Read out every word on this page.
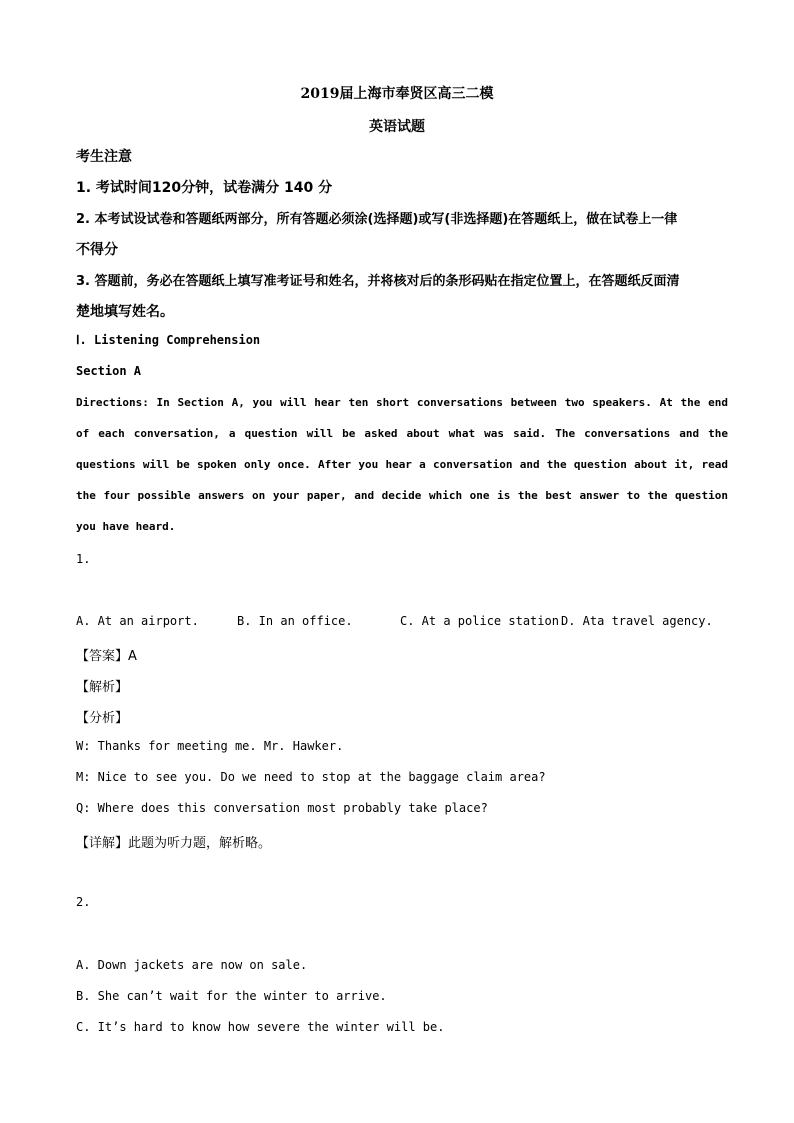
2019届上海市奉贤区高三二模
英语试题
考生注意
1. 考试时间120分钟，试卷满分 140 分
2. 本考试设试卷和答题纸两部分，所有答题必须涂(选择题)或写(非选择题)在答题纸上，做在试卷上一律
不得分
3. 答题前，务必在答题纸上填写准考证号和姓名，并将核对后的条形码贴在指定位置上，在答题纸反面清
楚地填写姓名。
Ⅰ. Listening Comprehension
Section A
Directions: In Section A, you will hear ten short conversations between two speakers. At the end
of each conversation, a question will be asked about what was said. The conversations and the
questions will be spoken only once. After you hear a conversation and the question about it, read
the four possible answers on your paper, and decide which one is the best answer to the question
you have heard.
1.
A. At an airport.	B. In an office.	C. At a police station.
D. Ata travel agency.
【答案】A
【解析】
【分析】
W: Thanks for meeting me. Mr. Hawker.
M: Nice to see you. Do we need to stop at the baggage claim area?
Q: Where does this conversation most probably take place?
【详解】此题为听力题，解析略。
2.
A. Down jackets are now on sale.
B. She can’t wait for the winter to arrive.
C. It’s hard to know how severe the winter will be.
